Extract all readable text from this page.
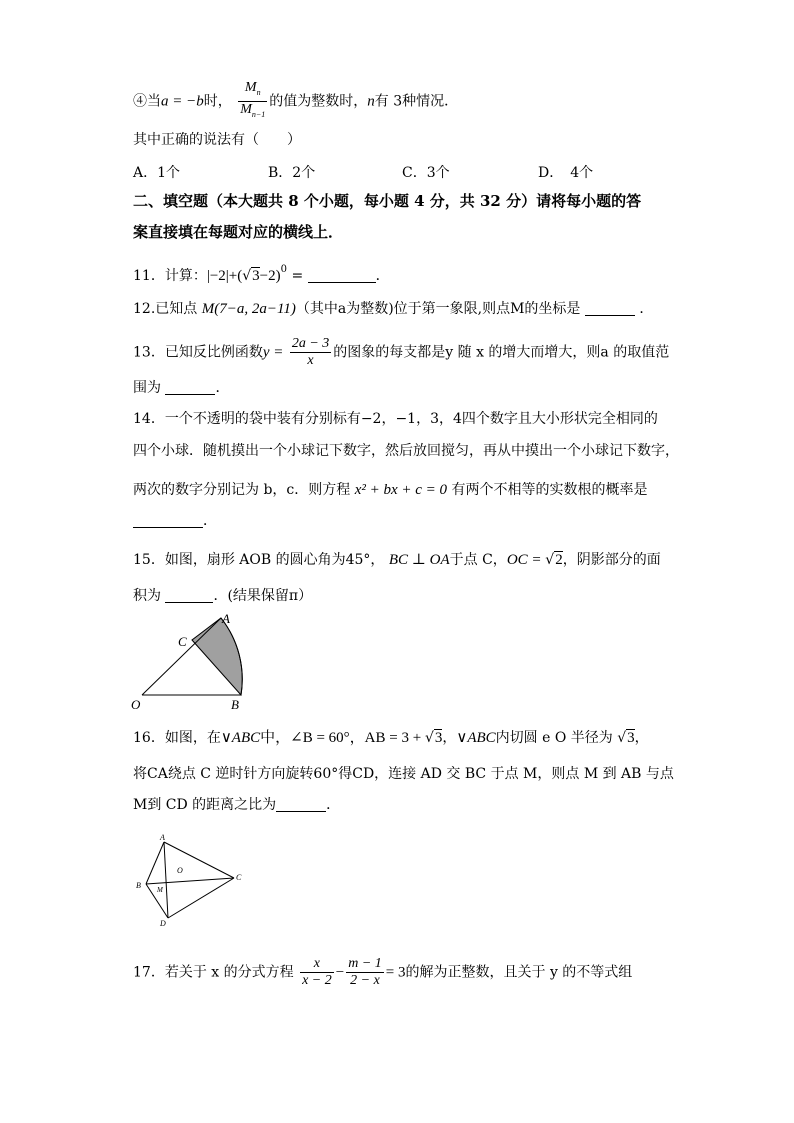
④当a = −b时， $\frac{M_n}{M_{n-1}}$ 的值为整数时，n有 3种情况．
其中正确的说法有（　　）
A．1个	B．2个	C．3个	D．　4个
二、填空题（本大题共 8 个小题，每小题 4 分，共 32 分）请将每小题的答
案直接填在每题对应的横线上．
11．计算：$|-2|+(√3-2)^0$ =	．
12.已知点 M(7−a, 2a−11)（其中a为整数)位于第一象限,则点M的坐标是	．
13．已知反比例函数$y = \frac{2a - 3}{x}$ 的图象的每支都是y 随 x 的增大而增大，则a 的取值范
围为	．
14．一个不透明的袋中装有分别标有−2，−1，3，4四个数字且大小形状完全相同的
四个小球．随机摸出一个小球记下数字，然后放回搅匀，再从中摸出一个小球记下数字，
两次的数字分别记为 b，c．则方程 x² + bx + c = 0 有两个不相等的实数根的概率是
．
15．如图，扇形 AOB 的圆心角为45°， BC ⊥ OA于点 C，OC = √2，阴影部分的面
积为	．(结果保留π）
O	B
C
A
16．如图，在∨ABC中，∠B = 60°，AB = 3 + √3，∨ABC内切圆 e O 半径为 √3，
将CA绕点 C 逆时针方向旋转60°得CD，连接 AD 交 BC 于点 M，则点 M 到 AB 与点
M到 CD 的距离之比为	．
A
B
C
D
M
O
17．若关于 x 的分式方程 $\frac{x}{x - 2} - \frac{m - 1}{2 - x} = 3$的解为正整数，且关于 y 的不等式组
